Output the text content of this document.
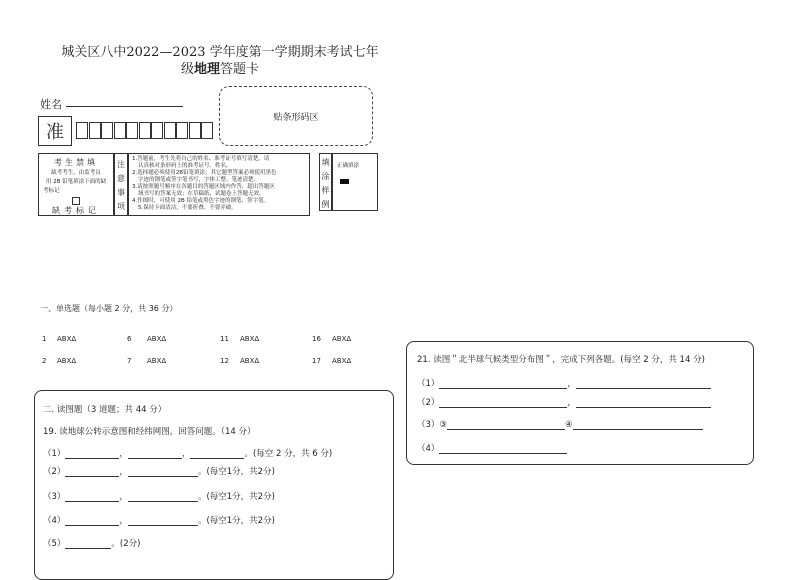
城关区八中2022—2023 学年度第一学期期末考试七年
级地理答题卡
姓名
准
贴条形码区
考生禁填
缺考考生，由监考员
用 2B 铅笔填涂下面的缺
考标记
缺考标记
注
意
事
项
1.答题前，考生先将自己的姓名、准考证号填写清楚，请
认真核对条形码上的准考证号、姓名。
2.选择题必须使用2B铅笔填涂；其它题型答案必须使用黑色
字迹的钢笔或签字笔书写，字体工整、笔迹清楚。
3.请按照题号顺序在各题目的答题区域内作答，超出答题区
域书写的答案无效；在草稿纸、试题卷上答题无效。
4.作图时，可使用 2B 铅笔或黑色字迹的钢笔、签字笔。
5.保持卡面清洁，不要折叠、不要弄破。
填
涂
样
例
正确填涂
一、单选题（每小题 2 分，共 36 分）
1 ABXΔ	6 ABXΔ	11 ABXΔ	16 ABXΔ
2 ABXΔ	7 ABXΔ	12 ABXΔ	17 ABXΔ
二. 读图题（3 道题；共 44 分）
19. 读地球公转示意图和经纬网图，回答问题。（14 分）
（1）	，	，	。(每空 2 分，共 6 分)
（2）	，	。(每空1分，共2分)
（3）	，	。(每空1分，共2分)
（4）	，	。(每空1分，共2分)
（5）	。(2分)
21. 读图＂北半球气候类型分布图＂，完成下列各题。(每空 2 分，共 14 分)
（1）	，
（2）	，
（3） ③	④
（4）
